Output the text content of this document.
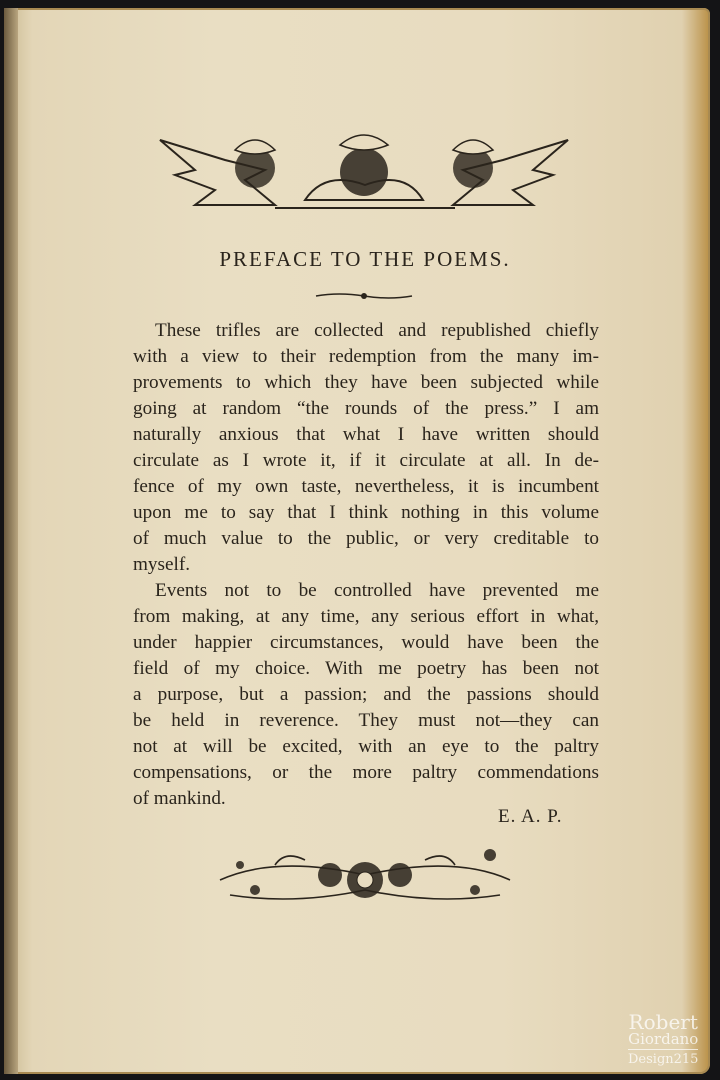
PREFACE TO THE POEMS.
These trifles are collected and republished chiefly
with a view to their redemption from the many im-
provements to which they have been subjected while
going at random “the rounds of the press.” I am
naturally anxious that what I have written should
circulate as I wrote it, if it circulate at all. In de-
fence of my own taste, nevertheless, it is incumbent
upon me to say that I think nothing in this volume
of much value to the public, or very creditable to
myself.
Events not to be controlled have prevented me
from making, at any time, any serious effort in what,
under happier circumstances, would have been the
field of my choice. With me poetry has been not
a purpose, but a passion; and the passions should
be held in reverence. They must not—they can
not at will be excited, with an eye to the paltry
compensations, or the more paltry commendations
of mankind.
E. A. P.
Robert
Giordano
Design215
